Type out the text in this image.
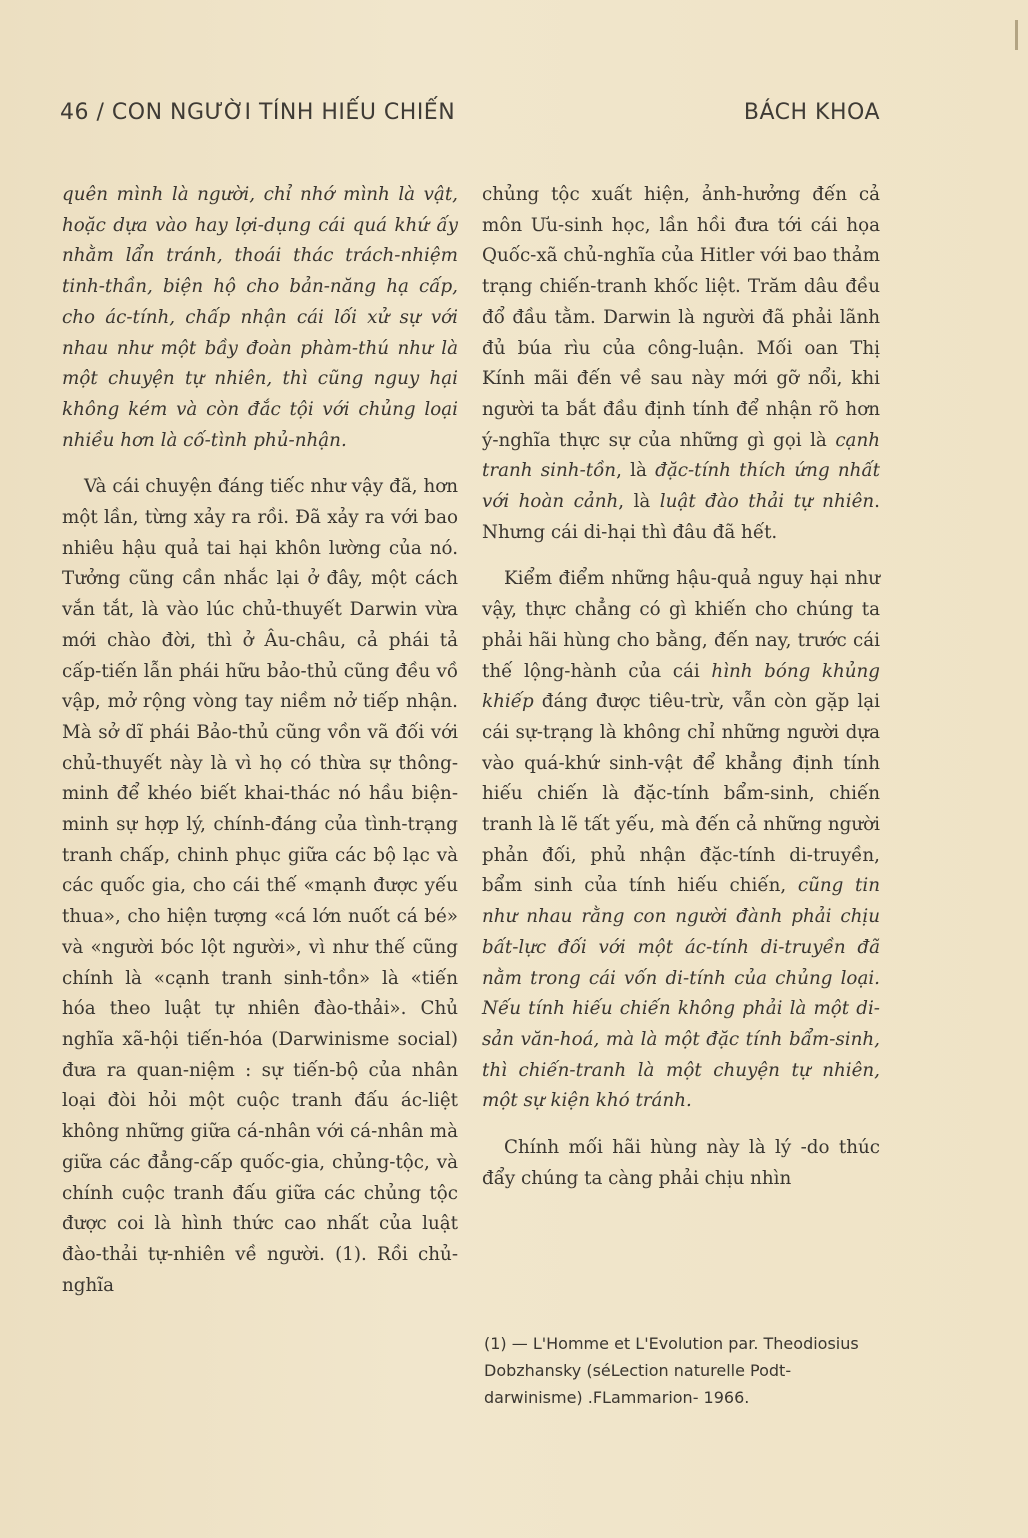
46 / CON NGƯỜI TÍNH HIẾU CHIẾN	BÁCH KHOA

quên mình là người, chỉ nhớ mình là vật, hoặc dựa vào hay lợi-dụng cái quá khứ ấy nhằm lẩn tránh, thoái thác trách-nhiệm tinh-thần, biện hộ cho bản-năng hạ cấp, cho ác-tính, chấp nhận cái lối xử sự với nhau như một bầy đoàn phàm-thú như là một chuyện tự nhiên, thì cũng nguy hại không kém và còn đắc tội với chủng loại nhiều hơn là cố-tình phủ-nhận.

Và cái chuyện đáng tiếc như vậy đã, hơn một lần, từng xảy ra rồi. Đã xảy ra với bao nhiêu hậu quả tai hại khôn lường của nó. Tưởng cũng cần nhắc lại ở đây, một cách vắn tắt, là vào lúc chủ-thuyết Darwin vừa mới chào đời, thì ở Âu-châu, cả phái tả cấp-tiến lẫn phái hữu bảo-thủ cũng đều vồ vập, mở rộng vòng tay niềm nở tiếp nhận. Mà sở dĩ phái Bảo-thủ cũng vồn vã đối với chủ-thuyết này là vì họ có thừa sự thông-minh để khéo biết khai-thác nó hầu biện-minh sự hợp lý, chính-đáng của tình-trạng tranh chấp, chinh phục giữa các bộ lạc và các quốc gia, cho cái thế «mạnh được yếu thua», cho hiện tượng «cá lớn nuốt cá bé» và «người bóc lột người», vì như thế cũng chính là «cạnh tranh sinh-tồn» là «tiến hóa theo luật tự nhiên đào-thải». Chủ nghĩa xã-hội tiến-hóa (Darwinisme social) đưa ra quan-niệm : sự tiến-bộ của nhân loại đòi hỏi một cuộc tranh đấu ác-liệt không những giữa cá-nhân với cá-nhân mà giữa các đẳng-cấp quốc-gia, chủng-tộc, và chính cuộc tranh đấu giữa các chủng tộc được coi là hình thức cao nhất của luật đào-thải tự-nhiên về người. (1). Rồi chủ-nghĩa

chủng tộc xuất hiện, ảnh-hưởng đến cả môn Ưu-sinh học, lần hồi đưa tới cái họa Quốc-xã chủ-nghĩa của Hitler với bao thảm trạng chiến-tranh khốc liệt. Trăm dâu đều đổ đầu tằm. Darwin là người đã phải lãnh đủ búa rìu của công-luận. Mối oan Thị Kính mãi đến về sau này mới gỡ nổi, khi người ta bắt đầu định tính để nhận rõ hơn ý-nghĩa thực sự của những gì gọi là cạnh tranh sinh-tồn, là đặc-tính thích ứng nhất với hoàn cảnh, là luật đào thải tự nhiên. Nhưng cái di-hại thì đâu đã hết.

Kiểm điểm những hậu-quả nguy hại như vậy, thực chẳng có gì khiến cho chúng ta phải hãi hùng cho bằng, đến nay, trước cái thế lộng-hành của cái hình bóng khủng khiếp đáng được tiêu-trừ, vẫn còn gặp lại cái sự-trạng là không chỉ những người dựa vào quá-khứ sinh-vật để khẳng định tính hiếu chiến là đặc-tính bẩm-sinh, chiến tranh là lẽ tất yếu, mà đến cả những người phản đối, phủ nhận đặc-tính di-truyền, bẩm sinh của tính hiếu chiến, cũng tin như nhau rằng con người đành phải chịu bất-lực đối với một ác-tính di-truyền đã nằm trong cái vốn di-tính của chủng loại. Nếu tính hiếu chiến không phải là một di-sản văn-hoá, mà là một đặc tính bẩm-sinh, thì chiến-tranh là một chuyện tự nhiên, một sự kiện khó tránh.

Chính mối hãi hùng này là lý -do thúc đẩy chúng ta càng phải chịu nhìn

(1) — L'Homme et L'Evolution par. Theodiosius Dobzhansky (séLection naturelle Podt-darwinisme) .FLammarion- 1966.
